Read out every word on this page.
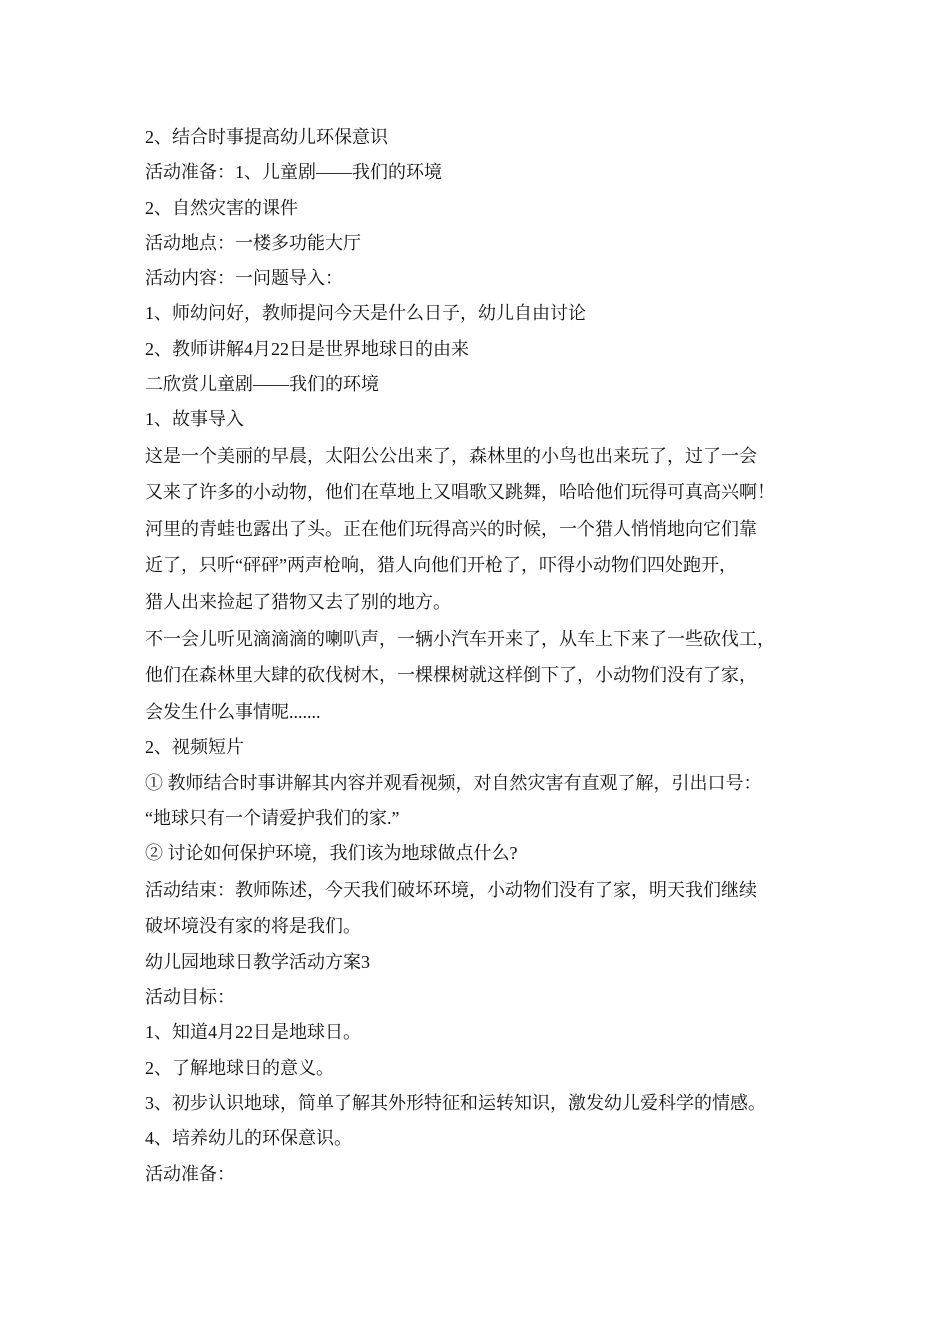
2、结合时事提高幼儿环保意识
活动准备：1、儿童剧——我们的环境
2、自然灾害的课件
活动地点：一楼多功能大厅
活动内容：一问题导入：
1、师幼问好，教师提问今天是什么日子，幼儿自由讨论
2、教师讲解4月22日是世界地球日的由来
二欣赏儿童剧——我们的环境
1、故事导入
这是一个美丽的早晨，太阳公公出来了，森林里的小鸟也出来玩了，过了一会
又来了许多的小动物，他们在草地上又唱歌又跳舞，哈哈他们玩得可真高兴啊！
河里的青蛙也露出了头。正在他们玩得高兴的时候，一个猎人悄悄地向它们靠
近了，只听“砰砰”两声枪响，猎人向他们开枪了，吓得小动物们四处跑开，
猎人出来捡起了猎物又去了别的地方。
不一会儿听见滴滴滴的喇叭声，一辆小汽车开来了，从车上下来了一些砍伐工，
他们在森林里大肆的砍伐树木，一棵棵树就这样倒下了，小动物们没有了家，
会发生什么事情呢.......
2、视频短片
① 教师结合时事讲解其内容并观看视频，对自然灾害有直观了解，引出口号：
“地球只有一个请爱护我们的家.”
② 讨论如何保护环境，我们该为地球做点什么?
活动结束：教师陈述，今天我们破坏环境，小动物们没有了家，明天我们继续
破坏境没有家的将是我们。
幼儿园地球日教学活动方案3
活动目标：
1、知道4月22日是地球日。
2、了解地球日的意义。
3、初步认识地球，简单了解其外形特征和运转知识，激发幼儿爱科学的情感。
4、培养幼儿的环保意识。
活动准备：
